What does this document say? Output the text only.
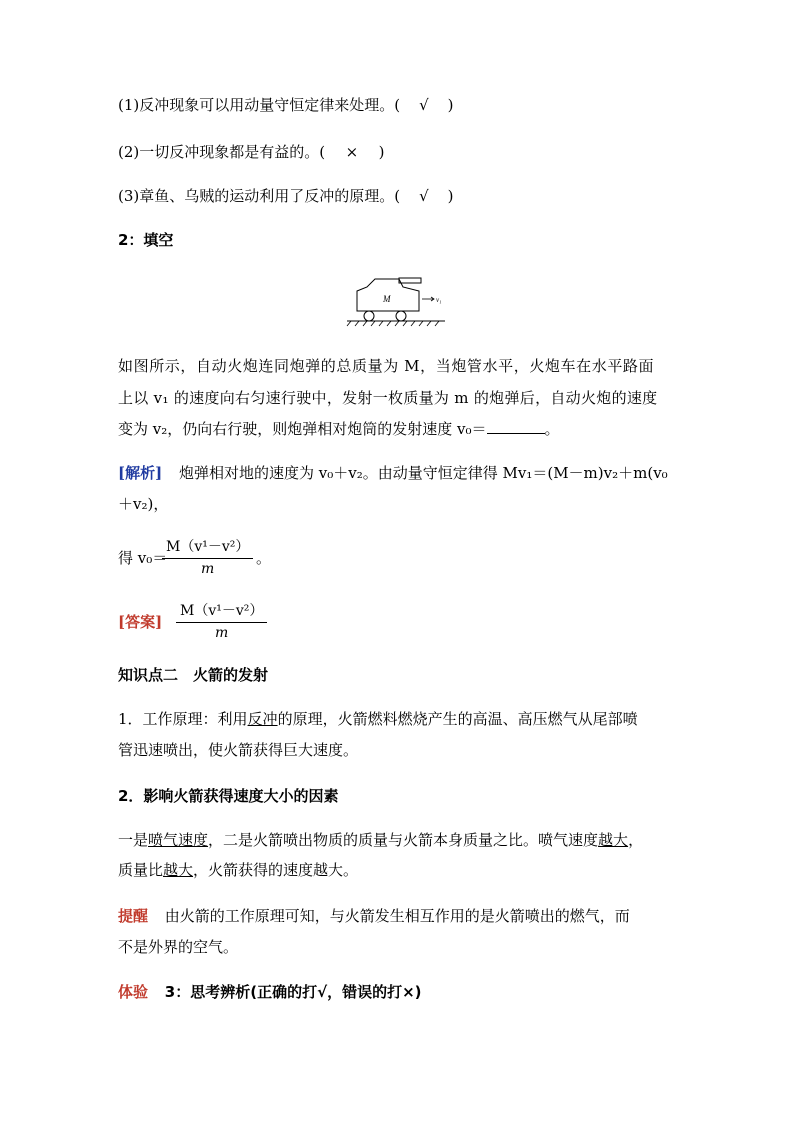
(1)反冲现象可以用动量守恒定律来处理。( √ )
(2)一切反冲现象都是有益的。( × )
(3)章鱼、乌贼的运动利用了反冲的原理。( √ )
2：填空
M	v₁
如图所示，自动火炮连同炮弹的总质量为 M，当炮管水平，火炮车在水平路面
上以 v₁ 的速度向右匀速行驶中，发射一枚质量为 m 的炮弹后，自动火炮的速度
变为 v₂，仍向右行驶，则炮弹相对炮筒的发射速度 v₀＝	。
[解析] 炮弹相对地的速度为 v₀＋v₂。由动量守恒定律得 Mv₁＝(M－m)v₂＋m(v₀
＋v₂)，
得 v₀＝
$\frac{\text{M（v¹－v²）}}{m}$ 。
[答案] $\frac{\text{M（v¹－v²）}}{m}$
知识点二　火箭的发射
1．工作原理：利用反冲的原理，火箭燃料燃烧产生的高温、高压燃气从尾部喷
管迅速喷出，使火箭获得巨大速度。
2．影响火箭获得速度大小的因素
一是喷气速度，二是火箭喷出物质的质量与火箭本身质量之比。喷气速度越大，
质量比越大，火箭获得的速度越大。
提醒 由火箭的工作原理可知，与火箭发生相互作用的是火箭喷出的燃气，而
不是外界的空气。
体验 3：思考辨析(正确的打√，错误的打×)
